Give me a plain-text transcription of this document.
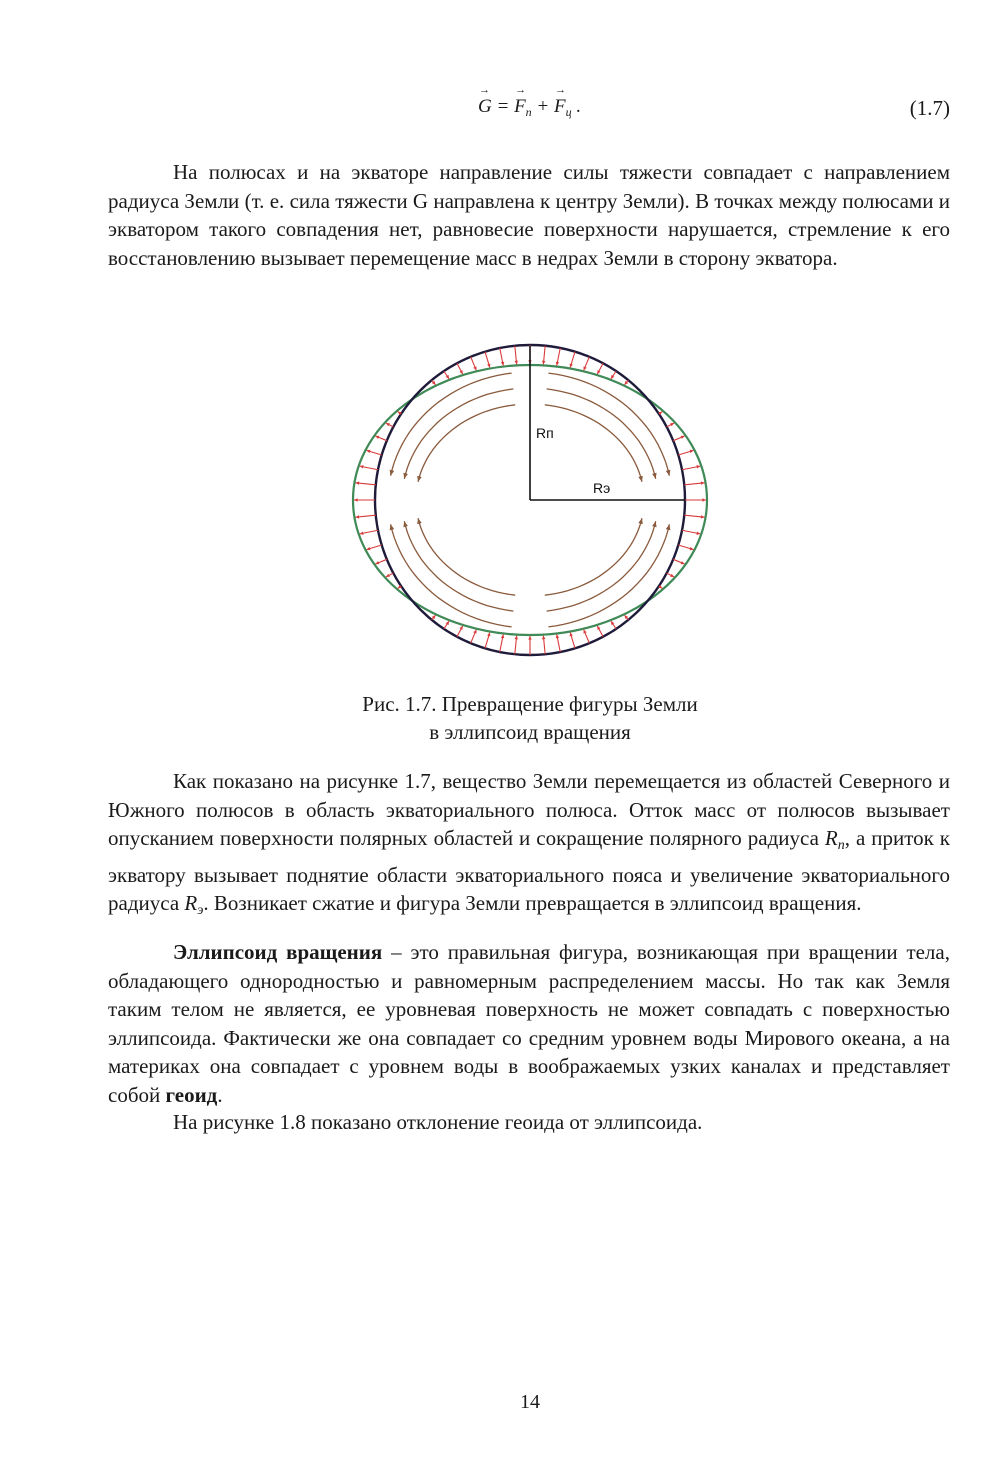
→ G = → $F_п$ + → $F_ц$ .	(1.7)

На полюсах и на экваторе направление силы тяжести совпадает с направлением радиуса Земли (т. е. сила тяжести G направлена к центру Земли). В точках между полюсами и экватором такого совпадения нет, равновесие поверхности нарушается, стремление к его восстановлению вызывает перемещение масс в недрах Земли в сторону экватора.

Rп
Rэ
Рис. 1.7. Превращение фигуры Земли
в эллипсоид вращения

Как показано на рисунке 1.7, вещество Земли перемещается из областей Северного и Южного полюсов в область экваториального полюса. Отток масс от полюсов вызывает опусканием поверхности полярных областей и сокращение полярного радиуса $R_п$, а приток к экватору вызывает поднятие области экваториального пояса и увеличение экваториального радиуса $R_э$. Возникает сжатие и фигура Земли превращается в эллипсоид вращения.

Эллипсоид вращения – это правильная фигура, возникающая при вращении тела, обладающего однородностью и равномерным распределением массы. Но так как Земля таким телом не является, ее уровневая поверхность не может совпадать с поверхностью эллипсоида. Фактически же она совпадает со средним уровнем воды Мирового океана, а на материках она совпадает с уровнем воды в воображаемых узких каналах и представляет собой геоид.

На рисунке 1.8 показано отклонение геоида от эллипсоида.

14
